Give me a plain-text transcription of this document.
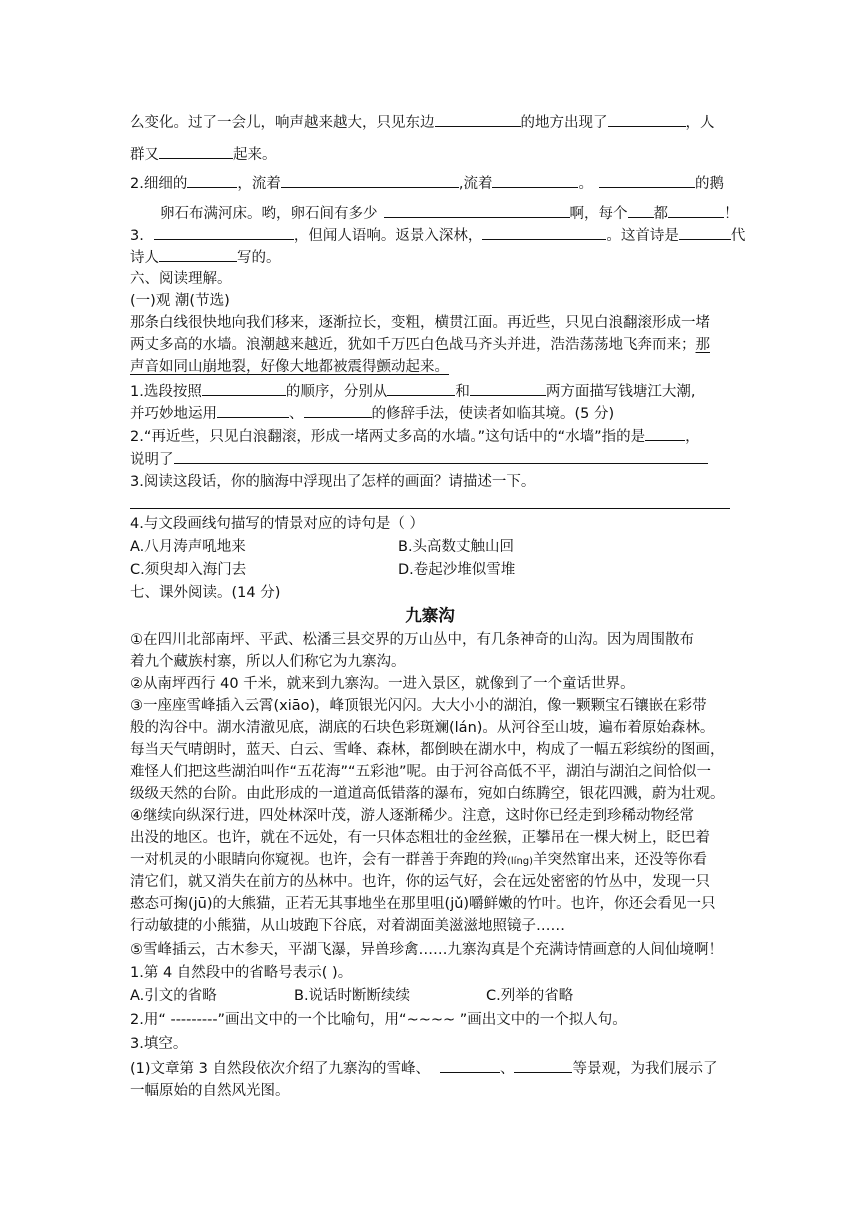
么变化。过了一会儿，响声越来越大，只见东边	的地方出现了	，人
群又	起来。
2.细细的	，流着	,流着	。	的鹅
卵石布满河床。哟，卵石间有多少	啊，每个 都	！
3.	，但闻人语响。返景入深林，	。这首诗是	代
诗人	写的。
六、阅读理解。
(一)观 潮(节选)
那条白线很快地向我们移来，逐渐拉长，变粗，横贯江面。再近些，只见白浪翻滚形成一堵
两丈多高的水墙。浪潮越来越近，犹如千万匹白色战马齐头并进，浩浩荡荡地飞奔而来；那
声音如同山崩地裂，好像大地都被震得颤动起来。
1.选段按照	的顺序，分别从	和	两方面描写钱塘江大潮,
并巧妙地运用	、	的修辞手法，使读者如临其境。(5 分)
2.“再近些，只见白浪翻滚，形成一堵两丈多高的水墙。”这句话中的“水墙”指的是	，
说明了
3.阅读这段话，你的脑海中浮现出了怎样的画面？请描述一下。
4.与文段画线句描写的情景对应的诗句是（ ）
A.八月涛声吼地来	B.头高数丈触山回
C.须臾却入海门去	D.卷起沙堆似雪堆
七、课外阅读。(14 分)
九寨沟
①在四川北部南坪、平武、松潘三县交界的万山丛中，有几条神奇的山沟。因为周围散布
着九个藏族村寨，所以人们称它为九寨沟。
②从南坪西行 40 千米，就来到九寨沟。一进入景区，就像到了一个童话世界。
③一座座雪峰插入云霄(xiāo)，峰顶银光闪闪。大大小小的湖泊，像一颗颗宝石镶嵌在彩带
般的沟谷中。湖水清澈见底，湖底的石块色彩斑斓(lán)。从河谷至山坡，遍布着原始森林。
每当天气晴朗时，蓝天、白云、雪峰、森林，都倒映在湖水中，构成了一幅五彩缤纷的图画，
难怪人们把这些湖泊叫作“五花海”“五彩池”呢。由于河谷高低不平，湖泊与湖泊之间恰似一
级级天然的台阶。由此形成的一道道高低错落的瀑布，宛如白练腾空，银花四溅，蔚为壮观。
④继续向纵深行进，四处林深叶茂，游人逐渐稀少。注意，这时你已经走到珍稀动物经常
出没的地区。也许，就在不远处，有一只体态粗壮的金丝猴，正攀吊在一棵大树上，眨巴着
一对机灵的小眼睛向你窥视。也许，会有一群善于奔跑的羚(líng)羊突然窜出来，还没等你看
清它们，就又消失在前方的丛林中。也许，你的运气好，会在远处密密的竹丛中，发现一只
憨态可掬(jū)的大熊猫，正若无其事地坐在那里咀(jǔ)嚼鲜嫩的竹叶。也许，你还会看见一只
行动敏捷的小熊猫，从山坡跑下谷底，对着湖面美滋滋地照镜子……
⑤雪峰插云，古木参天，平湖飞瀑，异兽珍禽……九寨沟真是个充满诗情画意的人间仙境啊！
1.第 4 自然段中的省略号表示( )。
A.引文的省略	B.说话时断断续续	C.列举的省略
2.用“ ---------”画出文中的一个比喻句，用“~~~~ ”画出文中的一个拟人句。
3.填空。
(1)文章第 3 自然段依次介绍了九寨沟的雪峰、	、	等景观，为我们展示了
一幅原始的自然风光图。
